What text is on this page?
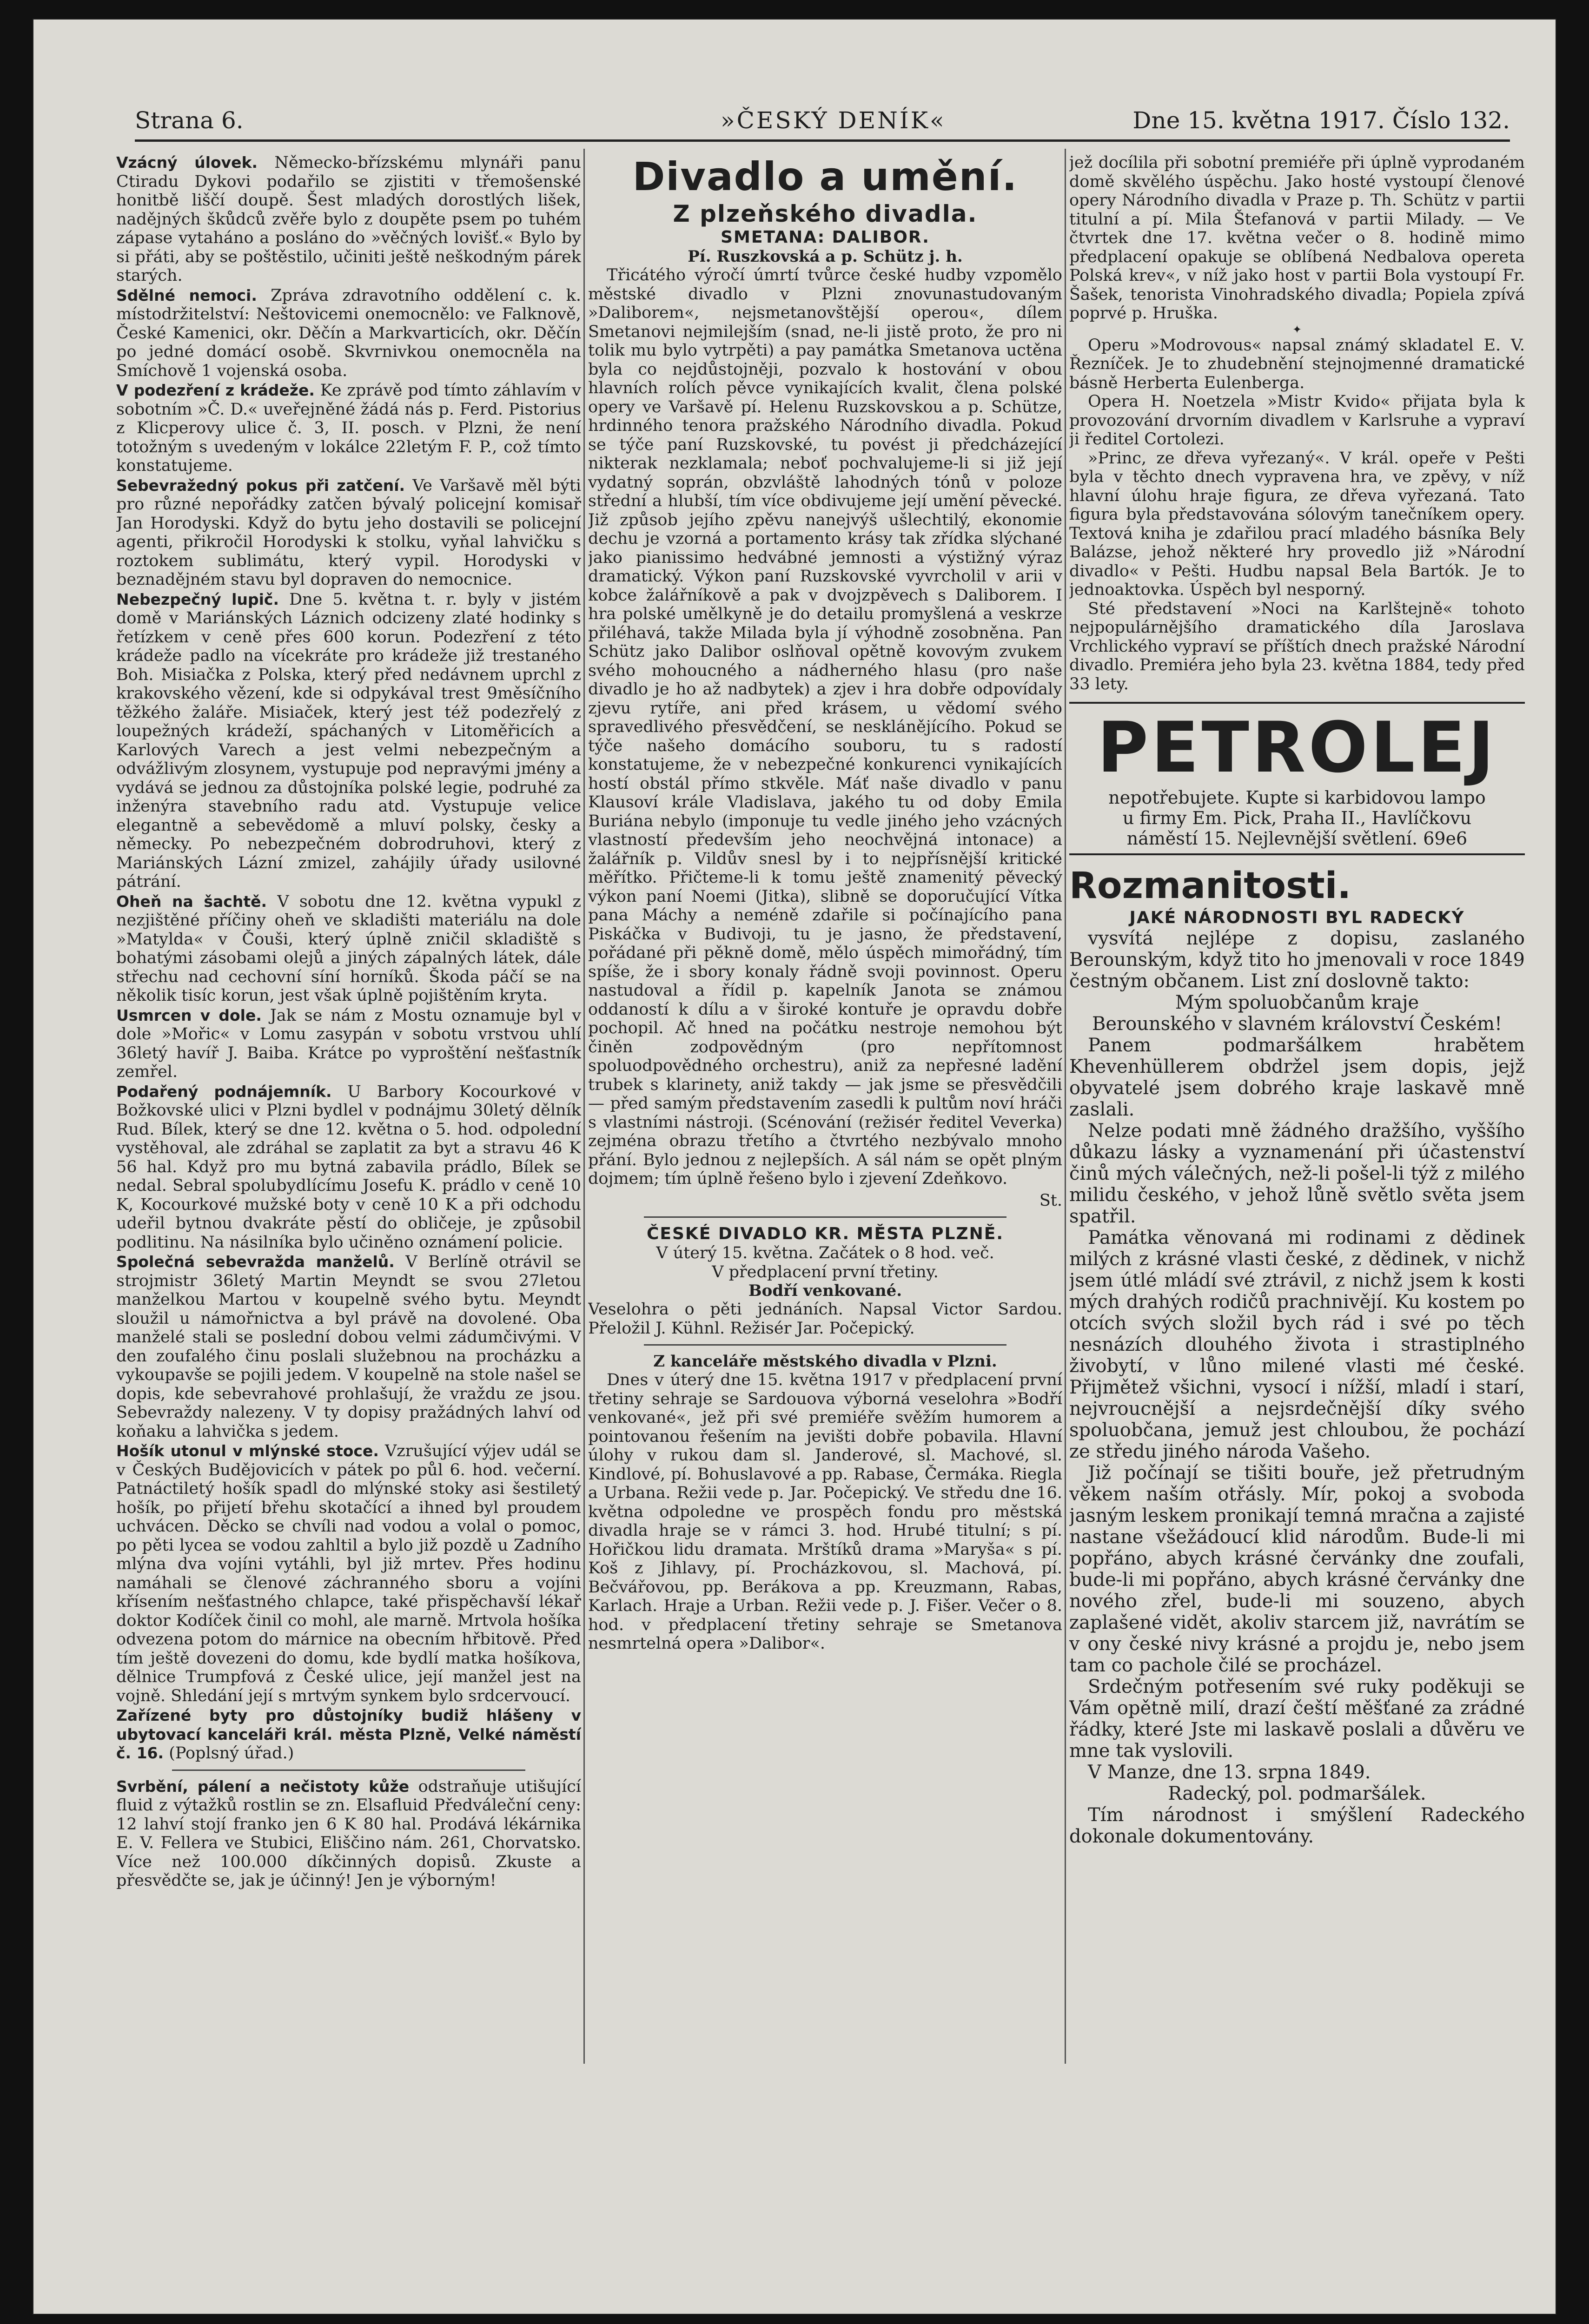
Strana 6.	»ČESKÝ DENÍK«	Dne 15. května 1917. Číslo 132.

Vzácný úlovek. Německo-břízskému mlynáři panu Ctiradu Dykovi podařilo se zjistiti v třemošenské honitbě liščí doupě. Šest mladých dorostlých lišek, nadějných škůdců zvěře bylo z doupěte psem po tuhém zápase vytaháno a posláno do »věčných lovišť.« Bylo by si přáti, aby se poštěstilo, učiniti ještě neškodným párek starých.

Sdělné nemoci. Zpráva zdravotního oddělení c. k. místodržitelství: Neštovicemi onemocnělo: ve Falknově, České Kamenici, okr. Děčín a Markvarticích, okr. Děčín po jedné domácí osobě. Skvrnivkou onemocněla na Smíchově 1 vojenská osoba.

V podezření z krádeže. Ke zprávě pod tímto záhlavím v sobotním »Č. D.« uveřejněné žádá nás p. Ferd. Pistorius z Klicperovy ulice č. 3, II. posch. v Plzni, že není totožným s uvedeným v lokálce 22letým F. P., což tímto konstatujeme.

Sebevražedný pokus při zatčení. Ve Varšavě měl býti pro různé nepořádky zatčen bývalý policejní komisař Jan Horodyski. Když do bytu jeho dostavili se policejní agenti, přikročil Horodyski k stolku, vyňal lahvičku s roztokem sublimátu, který vypil. Horodyski v beznadějném stavu byl dopraven do nemocnice.

Nebezpečný lupič. Dne 5. května t. r. byly v jistém domě v Mariánských Láznich odcizeny zlaté hodinky s řetízkem v ceně přes 600 korun. Podezření z této krádeže padlo na vícekráte pro krádeže již trestaného Boh. Misiačka z Polska, který před nedávnem uprchl z krakovského vězení, kde si odpykával trest 9měsíčního těžkého žaláře. Misiaček, který jest též podezřelý z loupežných krádeží, spáchaných v Litoměřicích a Karlových Varech a jest velmi nebezpečným a odvážlivým zlosynem, vystupuje pod nepravými jmény a vydává se jednou za důstojníka polské legie, podruhé za inženýra stavebního radu atd. Vystupuje velice elegantně a sebevědomě a mluví polsky, česky a německy. Po nebezpečném dobrodruhovi, který z Mariánských Lázní zmizel, zahájily úřady usilovné pátrání.

Oheň na šachtě. V sobotu dne 12. května vypukl z nezjištěné příčiny oheň ve skladišti materiálu na dole »Matylda« v Čouši, který úplně zničil skladiště s bohatými zásobami olejů a jiných zápalných látek, dále střechu nad cechovní síní horníků. Škoda páčí se na několik tisíc korun, jest však úplně pojištěním kryta.

Usmrcen v dole. Jak se nám z Mostu oznamuje byl v dole »Mořic« v Lomu zasypán v sobotu vrstvou uhlí 36letý havíř J. Baiba. Krátce po vyproštění nešťastník zemřel.

Podařený podnájemník. U Barbory Kocourkové v Božkovské ulici v Plzni bydlel v podnájmu 30letý dělník Rud. Bílek, který se dne 12. května o 5. hod. odpolední vystěhoval, ale zdráhal se zaplatit za byt a stravu 46 K 56 hal. Když pro mu bytná zabavila prádlo, Bílek se nedal. Sebral spolubydlícímu Josefu K. prádlo v ceně 10 K, Kocourkové mužské boty v ceně 10 K a při odchodu udeřil bytnou dvakráte pěstí do obličeje, je způsobil podlitinu. Na násilníka bylo učiněno oznámení policie.

Společná sebevražda manželů. V Berlíně otrávil se strojmistr 36letý Martin Meyndt se svou 27letou manželkou Martou v koupelně svého bytu. Meyndt sloužil u námořnictva a byl právě na dovolené. Oba manželé stali se poslední dobou velmi zádumčivými. V den zoufalého činu poslali služebnou na procházku a vykoupavše se pojili jedem. V koupelně na stole našel se dopis, kde sebevrahové prohlašují, že vraždu ze jsou. Sebevraždy nalezeny. V ty dopisy pražádných lahví od koňaku a lahvička s jedem.

Hošík utonul v mlýnské stoce. Vzrušující výjev udál se v Českých Budějovicích v pátek po půl 6. hod. večerní. Patnáctiletý hošík spadl do mlýnské stoky asi šestiletý hošík, po přijetí břehu skotačící a ihned byl proudem uchvácen. Děcko se chvíli nad vodou a volal o pomoc, po pěti lycea se vodou zahltil a bylo již pozdě u Zadního mlýna dva vojíni vytáhli, byl již mrtev. Přes hodinu namáhali se členové záchranného sboru a vojíni křísením nešťastného chlapce, také přispěchavší lékař doktor Kodíček činil co mohl, ale marně. Mrtvola hošíka odvezena potom do márnice na obecním hřbitově. Před tím ještě dovezeni do domu, kde bydlí matka hošíkova, dělnice Trumpfová z České ulice, její manžel jest na vojně. Shledání její s mrtvým synkem bylo srdcervoucí.

Zařízené byty pro důstojníky budiž hlášeny v ubytovací kanceláři král. města Plzně, Velké náměstí č. 16. (Poplsný úřad.)

Svrbění, pálení a nečistoty kůže odstraňuje utišující fluid z výtažků rostlin se zn. Elsafluid Předváleční ceny: 12 lahví stojí franko jen 6 K 80 hal. Prodává lékárnika E. V. Fellera ve Stubici, Eliščino nám. 261, Chorvatsko. Více než 100.000 díkčinných dopisů. Zkuste a přesvědčte se, jak je účinný! Jen je výborným!

Divadlo a umění.
Z plzeňského divadla.
SMETANA: DALIBOR.
Pí. Ruszkovská a p. Schütz j. h.

Třicátého výročí úmrtí tvůrce české hudby vzpomělo městské divadlo v Plzni znovunastudovaným »Daliborem«, nejsmetanovštější operou«, dílem Smetanovi nejmilejším (snad, ne-li jistě proto, že pro ni tolik mu bylo vytrpěti) a pay památka Smetanova uctěna byla co nejdůstojněji, pozvalo k hostování v obou hlavních rolích pěvce vynikajících kvalit, člena polské opery ve Varšavě pí. Helenu Ruzskovskou a p. Schütze, hrdinného tenora pražského Národního divadla. Pokud se týče paní Ruzskovské, tu povést ji předcházející nikterak nezklamala; neboť pochvalujeme-li si již její vydatný soprán, obzvláště lahodných tónů v poloze střední a hlubší, tím více obdivujeme její umění pěvecké. Již způsob jejího zpěvu nanejvýš ušlechtilý, ekonomie dechu je vzorná a portamento krásy tak zřídka slýchané jako pianissimo hedvábné jemnosti a výstižný výraz dramatický. Výkon paní Ruzskovské vyvrcholil v arii v kobce žalářníkově a pak v dvojzpěvech s Daliborem. I hra polské umělkyně je do detailu promyšlená a veskrze přiléhavá, takže Milada byla jí výhodně zosobněna. Pan Schütz jako Dalibor oslňoval opětně kovovým zvukem svého mohoucného a nádherného hlasu (pro naše divadlo je ho až nadbytek) a zjev i hra dobře odpovídaly zjevu rytíře, ani před krásem, u vědomí svého spravedlivého přesvědčení, se nesklánějícího. Pokud se týče našeho domácího souboru, tu s radostí konstatujeme, že v nebezpečné konkurenci vynikajících hostí obstál přímo stkvěle. Máť naše divadlo v panu Klausoví krále Vladislava, jakého tu od doby Emila Buriána nebylo (imponuje tu vedle jiného jeho vzácných vlastností především jeho neochvějná intonace) a žalářník p. Vildův snesl by i to nejpřísnější kritické měřítko. Přičteme-li k tomu ještě znamenitý pěvecký výkon paní Noemi (Jitka), slibně se doporučující Vítka pana Máchy a neméně zdařile si počínajícího pana Piskáčka v Budivoji, tu je jasno, že představení, pořádané při pěkně domě, mělo úspěch mimořádný, tím spíše, že i sbory konaly řádně svoji povinnost. Operu nastudoval a řídil p. kapelník Janota se známou oddaností k dílu a v široké kontuře je opravdu dobře pochopil. Ač hned na počátku nestroje nemohou být činěn zodpovědným (pro nepřítomnost spoluodpovědného orchestru), aniž za nepřesné ladění trubek s klarinety, aniž takdy — jak jsme se přesvědčili — před samým představením zasedli k pultům noví hráči s vlastními nástroji. (Scénování (režisér ředitel Veverka) zejména obrazu třetího a čtvrtého nezbývalo mnoho přání. Bylo jednou z nejlepších. A sál nám se opět plným dojmem; tím úplně řešeno bylo i zjevení Zdeňkovo.

St.
ČESKÉ DIVADLO KR. MĚSTA PLZNĚ.

V úterý 15. května. Začátek o 8 hod. več.

V předplacení první třetiny.

Bodří venkované.

Veselohra o pěti jednáních. Napsal Victor Sardou. Přeložil J. Kühnl. Režisér Jar. Počepický.

Z kanceláře městského divadla v Plzni.

Dnes v úterý dne 15. května 1917 v předplacení první třetiny sehraje se Sardouova výborná veselohra »Bodří venkované«, jež při své premiéře svěžím humorem a pointovanou řešením na jevišti dobře pobavila. Hlavní úlohy v rukou dam sl. Janderové, sl. Machové, sl. Kindlové, pí. Bohuslavové a pp. Rabase, Čermáka. Riegla a Urbana. Režii vede p. Jar. Počepický. Ve středu dne 16. května odpoledne ve prospěch fondu pro městská divadla hraje se v rámci 3. hod. Hrubé titulní; s pí. Hořičkou lidu dramata. Mrštíků drama »Maryša« s pí. Koš z Jihlavy, pí. Procházkovou, sl. Machová, pí. Bečvářovou, pp. Berákova a pp. Kreuzmann, Rabas, Karlach. Hraje a Urban. Režii vede p. J. Fišer. Večer o 8. hod. v předplacení třetiny sehraje se Smetanova nesmrtelná opera »Dalibor«.

jež docílila při sobotní premiéře při úplně vyprodaném domě skvělého úspěchu. Jako hosté vystoupí členové opery Národního divadla v Praze p. Th. Schütz v partii titulní a pí. Mila Štefanová v partii Milady. — Ve čtvrtek dne 17. května večer o 8. hodině mimo předplacení opakuje se oblíbená Nedbalova opereta Polská krev«, v níž jako host v partii Bola vystoupí Fr. Šašek, tenorista Vinohradského divadla; Popiela zpívá poprvé p. Hruška.

✦

Operu »Modrovous« napsal známý skladatel E. V. Řezníček. Je to zhudebnění stejnojmenné dramatické básně Herberta Eulenberga.

Opera H. Noetzela »Mistr Kvido« přijata byla k provozování drvorním divadlem v Karlsruhe a vypraví ji ředitel Cortolezi.

»Princ, ze dřeva vyřezaný«. V král. opeře v Pešti byla v těchto dnech vypravena hra, ve zpěvy, v níž hlavní úlohu hraje figura, ze dřeva vyřezaná. Tato figura byla představována sólovým tanečníkem opery. Textová kniha je zdařilou prací mladého básníka Bely Balázse, jehož některé hry provedlo již »Národní divadlo« v Pešti. Hudbu napsal Bela Bartók. Je to jednoaktovka. Úspěch byl nesporný.

Sté představení »Noci na Karlštejně« tohoto nejpopulárnějšího dramatického díla Jaroslava Vrchlického vypraví se příštích dnech pražské Národní divadlo. Premiéra jeho byla 23. května 1884, tedy před 33 lety.

PETROLEJ
nepotřebujete. Kupte si karbidovou lampo
u firmy Em. Pick, Praha II., Havlíčkovu
náměstí 15. Nejlevnější světlení. 69e6
Rozmanitosti.
JAKÉ NÁRODNOSTI BYL RADECKÝ

vysvítá nejlépe z dopisu, zaslaného Berounským, když tito ho jmenovali v roce 1849 čestným občanem. List zní doslovně takto:

Mým spoluobčanům kraje

Berounského v slavném království Českém!

Panem podmaršálkem hrabětem Khevenhüllerem obdržel jsem dopis, jejž obyvatelé jsem dobrého kraje laskavě mně zaslali.

Nelze podati mně žádného dražšího, vyššího důkazu lásky a vyznamenání při účastenství činů mých válečných, než-li pošel-li týž z milého milidu českého, v jehož lůně světlo světa jsem spatřil.

Památka věnovaná mi rodinami z dědinek milých z krásné vlasti české, z dědinek, v nichž jsem útlé mládí své ztrávil, z nichž jsem k kosti mých drahých rodičů prachnivějí. Ku kostem po otcích svých složil bych rád i své po těch nesnázích dlouhého života i strastiplného živobytí, v lůno milené vlasti mé české. Přijmětež všichni, vysocí i nížší, mladí i starí, nejvroucnější a nejsrdečnější díky svého spoluobčana, jemuž jest chloubou, že pochází ze středu jiného národa Vašeho.

Již počínají se tišiti bouře, jež přetrudným věkem naším otřásly. Mír, pokoj a svoboda jasným leskem pronikají temná mračna a zajisté nastane všežádoucí klid národům. Bude-li mi popřáno, abych krásné červánky dne zoufali, bude-li mi popřáno, abych krásné červánky dne nového zřel, bude-li mi souzeno, abych zaplašené vidět, akoliv starcem již, navrátím se v ony české nivy krásné a projdu je, nebo jsem tam co pachole čilé se procházel.

Srdečným potřesením své ruky poděkuji se Vám opětně milí, drazí čeští měšťané za zrádné řádky, které Jste mi laskavě poslali a důvěru ve mne tak vyslovili.

V Manze, dne 13. srpna 1849.

Radecký, pol. podmaršálek.

Tím národnost i smýšlení Radeckého dokonale dokumentovány.
